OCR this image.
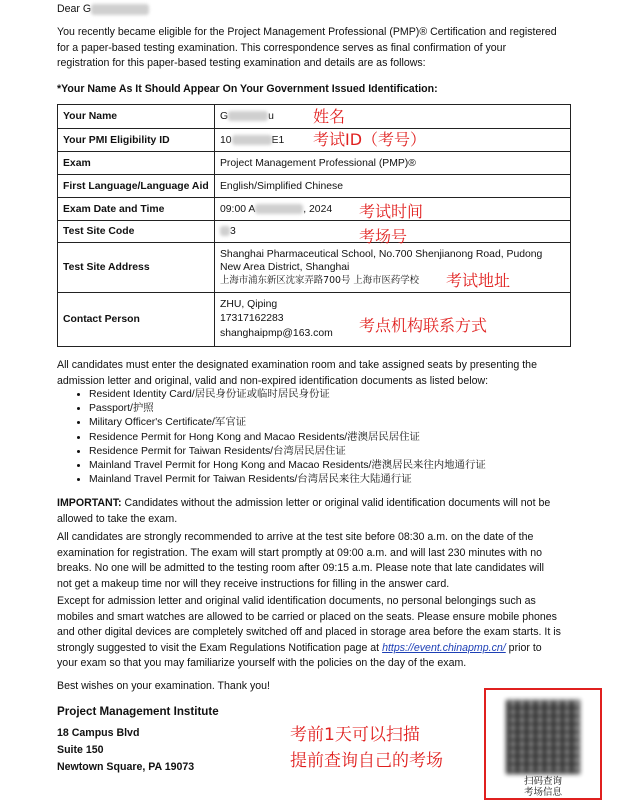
Dear G
You recently became eligible for the Project Management Professional (PMP)® Certification and registered
for a paper-based testing examination. This correspondence serves as final confirmation of your
registration for this paper-based testing examination and details are as follows:
*Your Name As It Should Appear On Your Government Issued Identification:
Your Name	G u
Your PMI Eligibility ID	10 E1
Exam	Project Management Professional (PMP)®
First Language/Language Aid	English/Simplified Chinese
Exam Date and Time	09:00 A , 2024
Test Site Code	3
Test Site Address	Shanghai Pharmaceutical School, No.700 Shenjianong Road, Pudong
New Area District, Shanghai
上海市浦东新区沈家弄路700号 上海市医药学校

Contact Person	ZHU, Qiping
17317162283
shanghaipmp@163.com
姓名
考试ID（考号）
考试时间
考场号
考试地址
考点机构联系方式
All candidates must enter the designated examination room and take assigned seats by presenting the
admission letter and original, valid and non-expired identification documents as listed below:
• Resident Identity Card/居民身份证或临时居民身份证
• Passport/护照
• Military Officer's Certificate/军官证
• Residence Permit for Hong Kong and Macao Residents/港澳居民居住证
• Residence Permit for Taiwan Residents/台湾居民居住证
• Mainland Travel Permit for Hong Kong and Macao Residents/港澳居民来往内地通行证
• Mainland Travel Permit for Taiwan Residents/台湾居民来往大陆通行证
IMPORTANT: Candidates without the admission letter or original valid identification documents will not be
allowed to take the exam.
All candidates are strongly recommended to arrive at the test site before 08:30 a.m. on the date of the
examination for registration. The exam will start promptly at 09:00 a.m. and will last 230 minutes with no
breaks. No one will be admitted to the testing room after 09:15 a.m. Please note that late candidates will
not get a makeup time nor will they receive instructions for filling in the answer card.
Except for admission letter and original valid identification documents, no personal belongings such as
mobiles and smart watches are allowed to be carried or placed on the seats. Please ensure mobile phones
and other digital devices are completely switched off and placed in storage area before the exam starts. It is
strongly suggested to visit the Exam Regulations Notification page at https://event.chinapmp.cn/ prior to
your exam so that you may familiarize yourself with the policies on the day of the exam.
Best wishes on your examination. Thank you!
Project Management Institute
18 Campus Blvd
Suite 150
Newtown Square, PA 19073
考前1天可以扫描
提前查询自己的考场
扫码查询
考场信息
